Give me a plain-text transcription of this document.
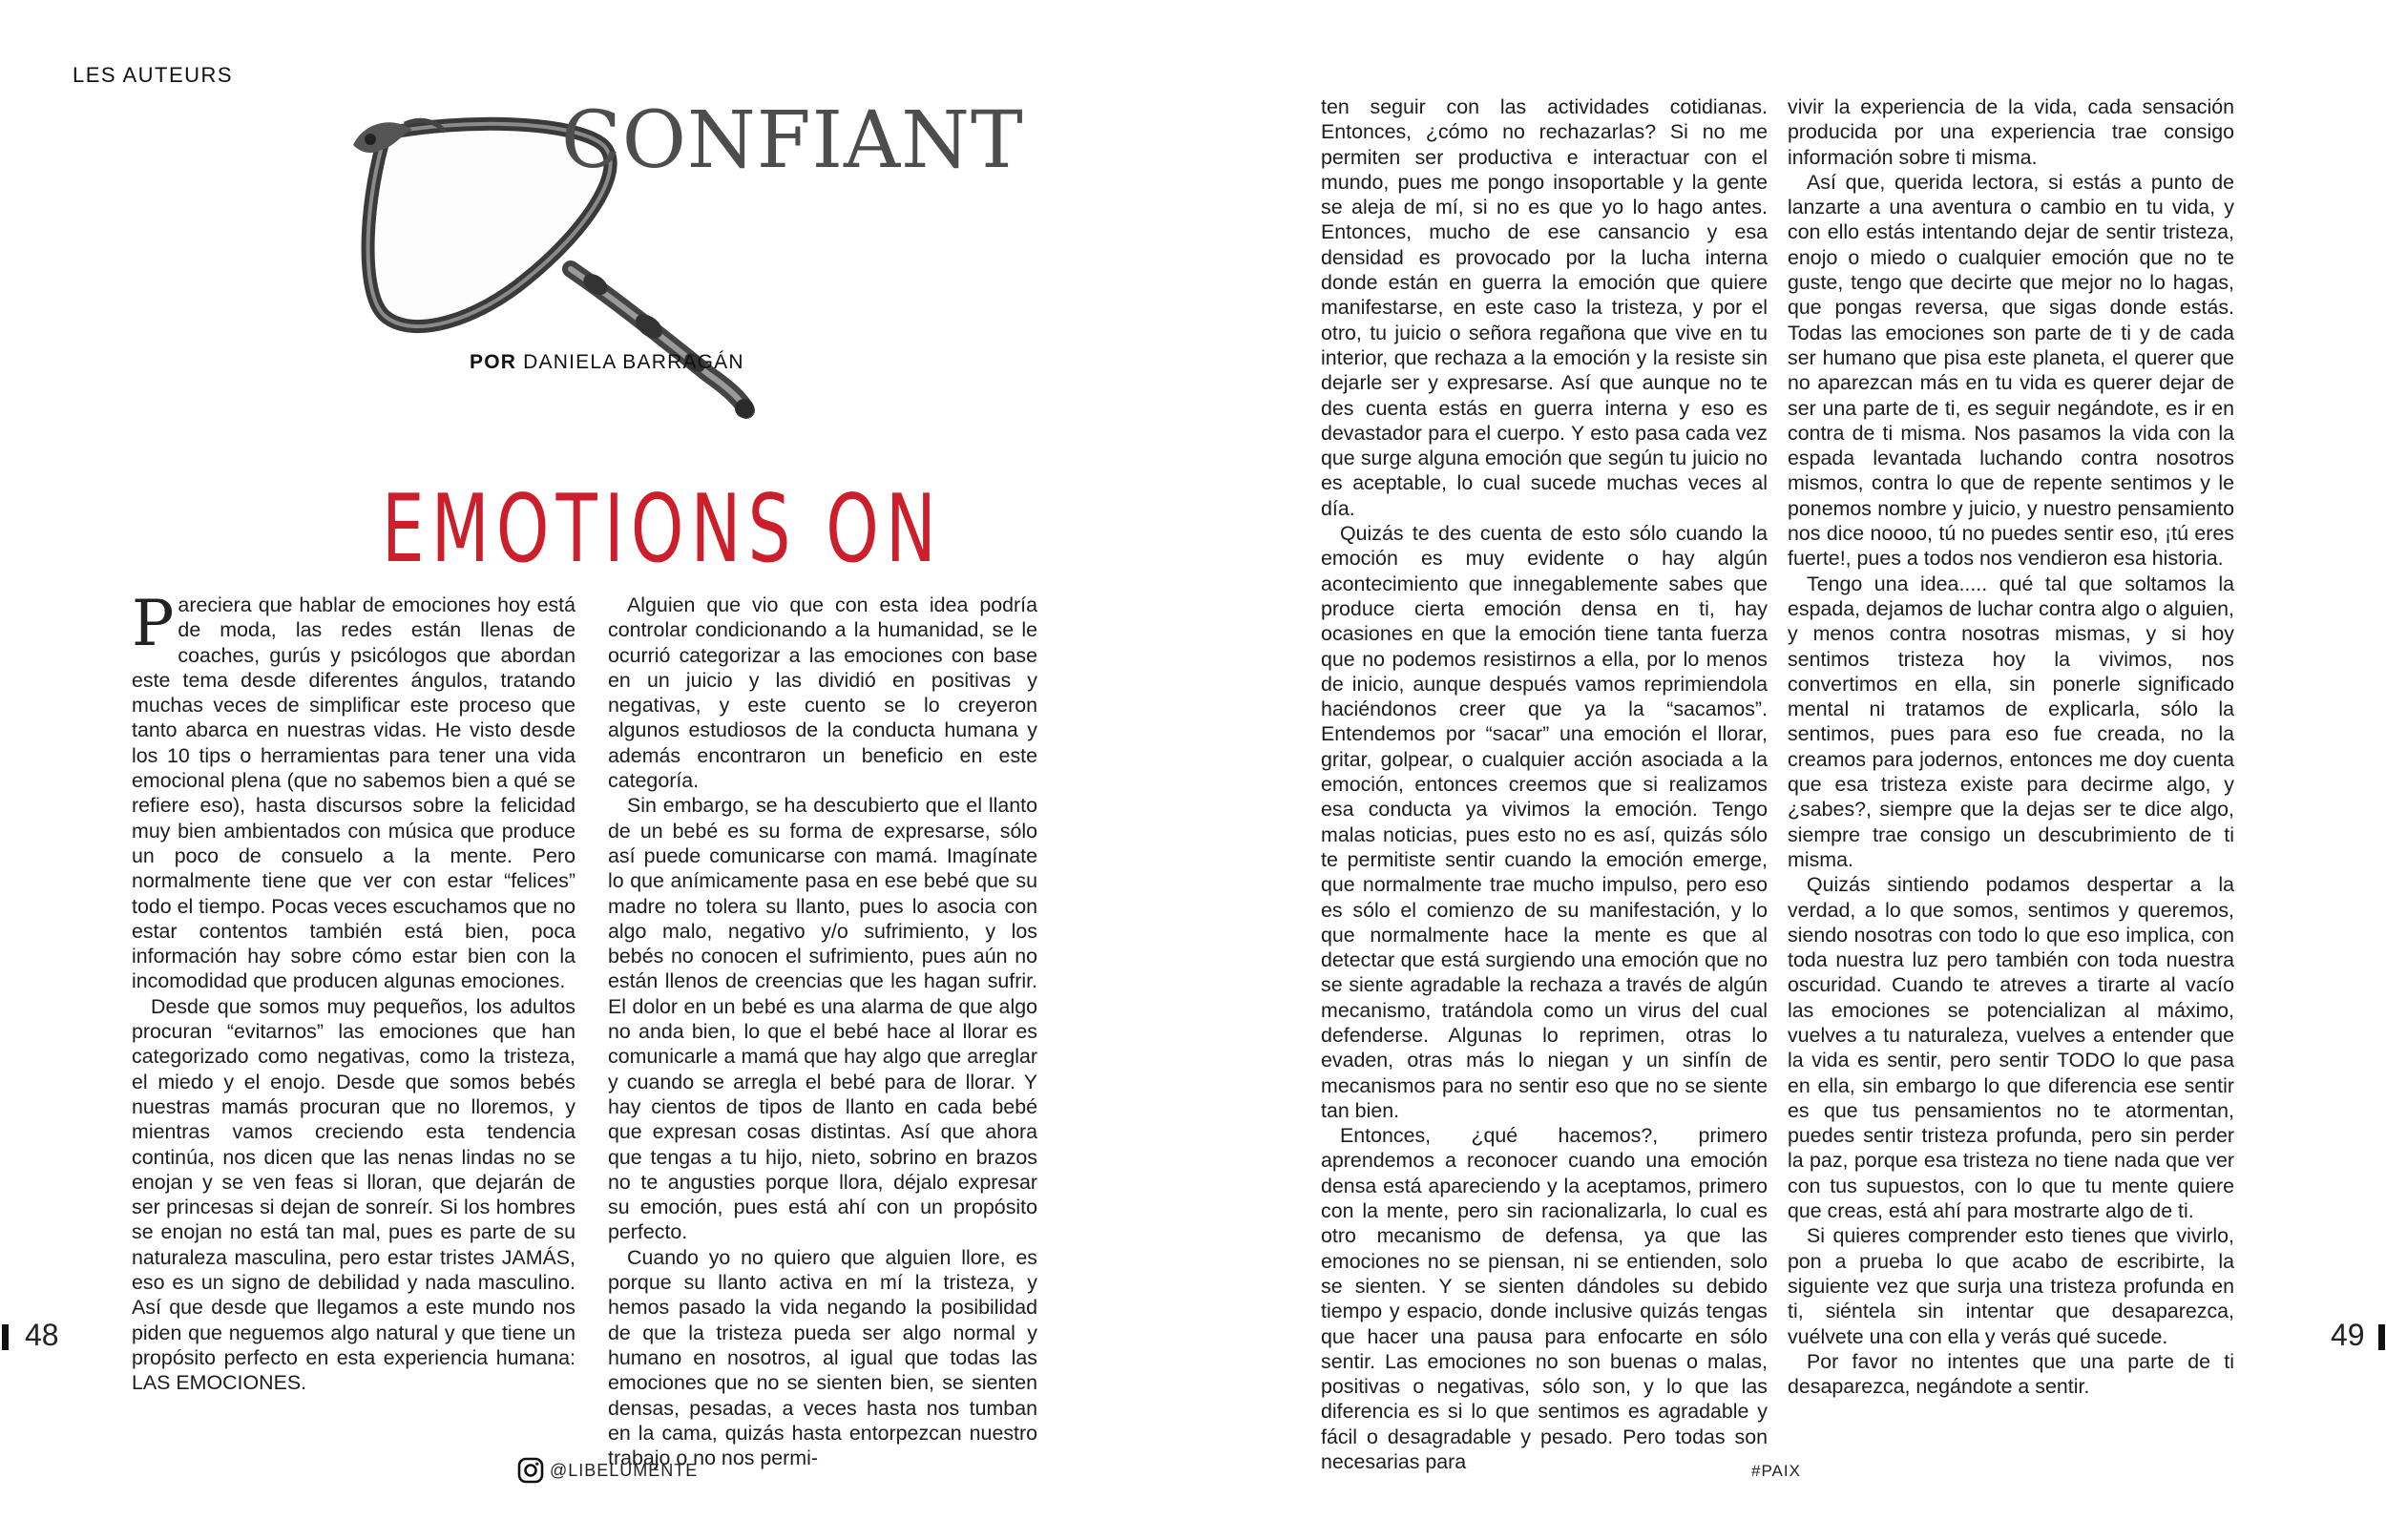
LES AUTEURS
CONFIANT
POR DANIELA BARRAGÁN
EMOTIONS ON

Pareciera que hablar de emociones hoy está de moda, las redes están llenas de coaches, gurús y psicólogos que abordan este tema desde diferentes ángulos, tratando muchas veces de simplificar este proceso que tanto abarca en nuestras vidas. He visto desde los 10 tips o herramientas para tener una vida emocional plena (que no sabemos bien a qué se refiere eso), hasta discursos sobre la felicidad muy bien ambientados con música que produce un poco de consuelo a la mente. Pero normalmente tiene que ver con estar “felices” todo el tiempo. Pocas veces escuchamos que no estar contentos también está bien, poca información hay sobre cómo estar bien con la incomodidad que producen algunas emociones.

Desde que somos muy pequeños, los adultos procuran “evitarnos” las emociones que han categorizado como negativas, como la tristeza, el miedo y el enojo. Desde que somos bebés nuestras mamás procuran que no lloremos, y mientras vamos creciendo esta tendencia continúa, nos dicen que las nenas lindas no se enojan y se ven feas si lloran, que dejarán de ser princesas si dejan de sonreír. Si los hombres se enojan no está tan mal, pues es parte de su naturaleza masculina, pero estar tristes JAMÁS, eso es un signo de debilidad y nada masculino. Así que desde que llegamos a este mundo nos piden que neguemos algo natural y que tiene un propósito perfecto en esta experiencia humana: LAS EMOCIONES.

Alguien que vio que con esta idea podría controlar condicionando a la humanidad, se le ocurrió categorizar a las emociones con base en un juicio y las dividió en positivas y negativas, y este cuento se lo creyeron algunos estudiosos de la conducta humana y además encontraron un beneficio en este categoría.

Sin embargo, se ha descubierto que el llanto de un bebé es su forma de expresarse, sólo así puede comunicarse con mamá. Imagínate lo que anímicamente pasa en ese bebé que su madre no tolera su llanto, pues lo asocia con algo malo, negativo y/o sufrimiento, y los bebés no conocen el sufrimiento, pues aún no están llenos de creencias que les hagan sufrir. El dolor en un bebé es una alarma de que algo no anda bien, lo que el bebé hace al llorar es comunicarle a mamá que hay algo que arreglar y cuando se arregla el bebé para de llorar. Y hay cientos de tipos de llanto en cada bebé que expresan cosas distintas. Así que ahora que tengas a tu hijo, nieto, sobrino en brazos no te angusties porque llora, déjalo expresar su emoción, pues está ahí con un propósito perfecto.

Cuando yo no quiero que alguien llore, es porque su llanto activa en mí la tristeza, y hemos pasado la vida negando la posibilidad de que la tristeza pueda ser algo normal y humano en nosotros, al igual que todas las emociones que no se sienten bien, se sienten densas, pesadas, a veces hasta nos tumban en la cama, quizás hasta entorpezcan nuestro trabajo o no nos permi-

ten seguir con las actividades cotidianas. Entonces, ¿cómo no rechazarlas? Si no me permiten ser productiva e interactuar con el mundo, pues me pongo insoportable y la gente se aleja de mí, si no es que yo lo hago antes. Entonces, mucho de ese cansancio y esa densidad es provocado por la lucha interna donde están en guerra la emoción que quiere manifestarse, en este caso la tristeza, y por el otro, tu juicio o señora regañona que vive en tu interior, que rechaza a la emoción y la resiste sin dejarle ser y expresarse. Así que aunque no te des cuenta estás en guerra interna y eso es devastador para el cuerpo. Y esto pasa cada vez que surge alguna emoción que según tu juicio no es aceptable, lo cual sucede muchas veces al día.

Quizás te des cuenta de esto sólo cuando la emoción es muy evidente o hay algún acontecimiento que innegablemente sabes que produce cierta emoción densa en ti, hay ocasiones en que la emoción tiene tanta fuerza que no podemos resistirnos a ella, por lo menos de inicio, aunque después vamos reprimiendola haciéndonos creer que ya la “sacamos”. Entendemos por “sacar” una emoción el llorar, gritar, golpear, o cualquier acción asociada a la emoción, entonces creemos que si realizamos esa conducta ya vivimos la emoción. Tengo malas noticias, pues esto no es así, quizás sólo te permitiste sentir cuando la emoción emerge, que normalmente trae mucho impulso, pero eso es sólo el comienzo de su manifestación, y lo que normalmente hace la mente es que al detectar que está surgiendo una emoción que no se siente agradable la rechaza a través de algún mecanismo, tratándola como un virus del cual defenderse. Algunas lo reprimen, otras lo evaden, otras más lo niegan y un sinfín de mecanismos para no sentir eso que no se siente tan bien.

Entonces, ¿qué hacemos?, primero aprendemos a reconocer cuando una emoción densa está apareciendo y la aceptamos, primero con la mente, pero sin racionalizarla, lo cual es otro mecanismo de defensa, ya que las emociones no se piensan, ni se entienden, solo se sienten. Y se sienten dándoles su debido tiempo y espacio, donde inclusive quizás tengas que hacer una pausa para enfocarte en sólo sentir. Las emociones no son buenas o malas, positivas o negativas, sólo son, y lo que las diferencia es si lo que sentimos es agradable y fácil o desagradable y pesado. Pero todas son necesarias para

vivir la experiencia de la vida, cada sensación producida por una experiencia trae consigo información sobre ti misma.

Así que, querida lectora, si estás a punto de lanzarte a una aventura o cambio en tu vida, y con ello estás intentando dejar de sentir tristeza, enojo o miedo o cualquier emoción que no te guste, tengo que decirte que mejor no lo hagas, que pongas reversa, que sigas donde estás. Todas las emociones son parte de ti y de cada ser humano que pisa este planeta, el querer que no aparezcan más en tu vida es querer dejar de ser una parte de ti, es seguir negándote, es ir en contra de ti misma. Nos pasamos la vida con la espada levantada luchando contra nosotros mismos, contra lo que de repente sentimos y le ponemos nombre y juicio, y nuestro pensamiento nos dice noooo, tú no puedes sentir eso, ¡tú eres fuerte!, pues a todos nos vendieron esa historia.

Tengo una idea..... qué tal que soltamos la espada, dejamos de luchar contra algo o alguien, y menos contra nosotras mismas, y si hoy sentimos tristeza hoy la vivimos, nos convertimos en ella, sin ponerle significado mental ni tratamos de explicarla, sólo la sentimos, pues para eso fue creada, no la creamos para jodernos, entonces me doy cuenta que esa tristeza existe para decirme algo, y ¿sabes?, siempre que la dejas ser te dice algo, siempre trae consigo un descubrimiento de ti misma.

Quizás sintiendo podamos despertar a la verdad, a lo que somos, sentimos y queremos, siendo nosotras con todo lo que eso implica, con toda nuestra luz pero también con toda nuestra oscuridad. Cuando te atreves a tirarte al vacío las emociones se potencializan al máximo, vuelves a tu naturaleza, vuelves a entender que la vida es sentir, pero sentir TODO lo que pasa en ella, sin embargo lo que diferencia ese sentir es que tus pensamientos no te atormentan, puedes sentir tristeza profunda, pero sin perder la paz, porque esa tristeza no tiene nada que ver con tus supuestos, con lo que tu mente quiere que creas, está ahí para mostrarte algo de ti.

Si quieres comprender esto tienes que vivirlo, pon a prueba lo que acabo de escribirte, la siguiente vez que surja una tristeza profunda en ti, siéntela sin intentar que desaparezca, vuélvete una con ella y verás qué sucede.

Por favor no intentes que una parte de ti desaparezca, negándote a sentir.

48	49
@LIBELUMENTE	#PAIX
